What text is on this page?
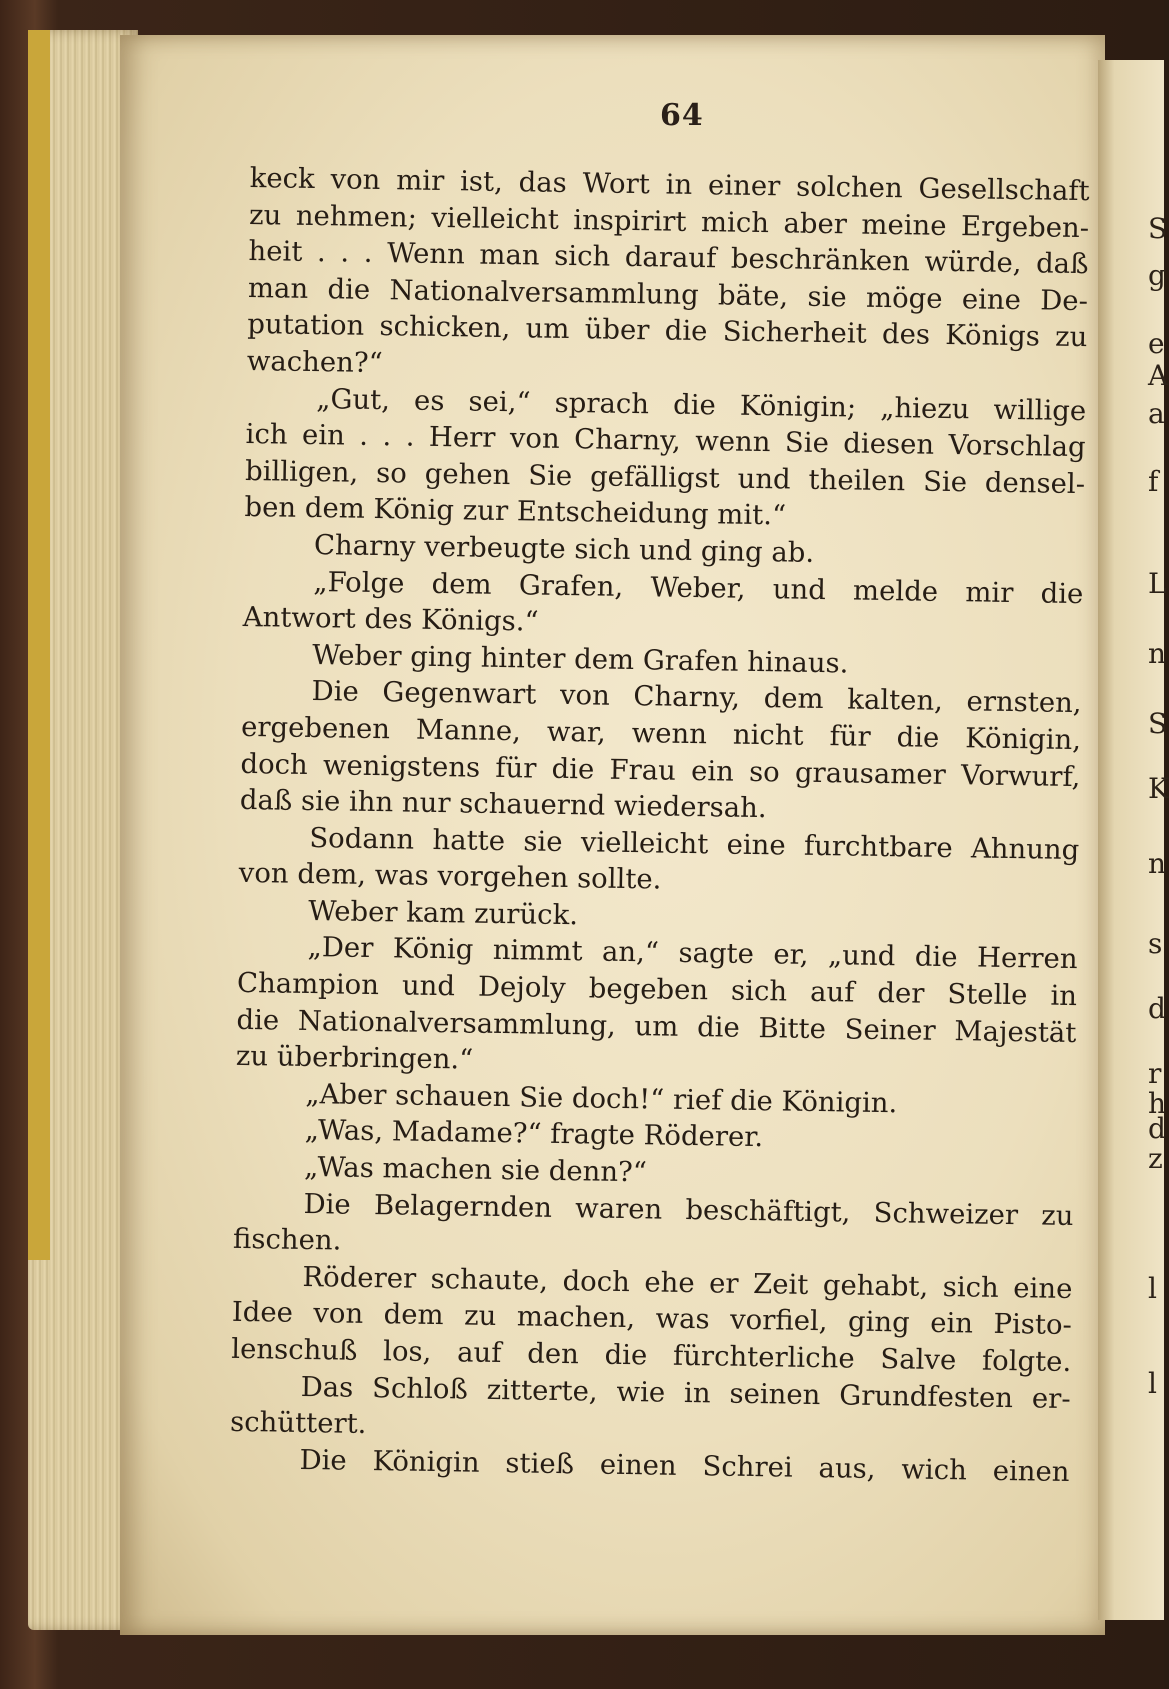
S
g
e
A
a
f
L
n
S
K
n
s
d
r
h
d
z
l
l
64
keck von mir ist, das Wort in einer solchen Gesellschaft
zu nehmen; vielleicht inspirirt mich aber meine Ergeben-
heit . . . Wenn man sich darauf beschränken würde, daß
man die Nationalversammlung bäte, sie möge eine De-
putation schicken, um über die Sicherheit des Königs zu
wachen?“
„Gut, es sei,“ sprach die Königin; „hiezu willige
ich ein . . . Herr von Charny, wenn Sie diesen Vorschlag
billigen, so gehen Sie gefälligst und theilen Sie densel-
ben dem König zur Entscheidung mit.“
Charny verbeugte sich und ging ab.
„Folge dem Grafen, Weber, und melde mir die
Antwort des Königs.“
Weber ging hinter dem Grafen hinaus.
Die Gegenwart von Charny, dem kalten, ernsten,
ergebenen Manne, war, wenn nicht für die Königin,
doch wenigstens für die Frau ein so grausamer Vorwurf,
daß sie ihn nur schauernd wiedersah.
Sodann hatte sie vielleicht eine furchtbare Ahnung
von dem, was vorgehen sollte.
Weber kam zurück.
„Der König nimmt an,“ sagte er, „und die Herren
Champion und Dejoly begeben sich auf der Stelle in
die Nationalversammlung, um die Bitte Seiner Majestät
zu überbringen.“
„Aber schauen Sie doch!“ rief die Königin.
„Was, Madame?“ fragte Röderer.
„Was machen sie denn?“
Die Belagernden waren beschäftigt, Schweizer zu
fischen.
Röderer schaute, doch ehe er Zeit gehabt, sich eine
Idee von dem zu machen, was vorfiel, ging ein Pisto-
lenschuß los, auf den die fürchterliche Salve folgte.
Das Schloß zitterte, wie in seinen Grundfesten er-
schüttert.
Die Königin stieß einen Schrei aus, wich einen
